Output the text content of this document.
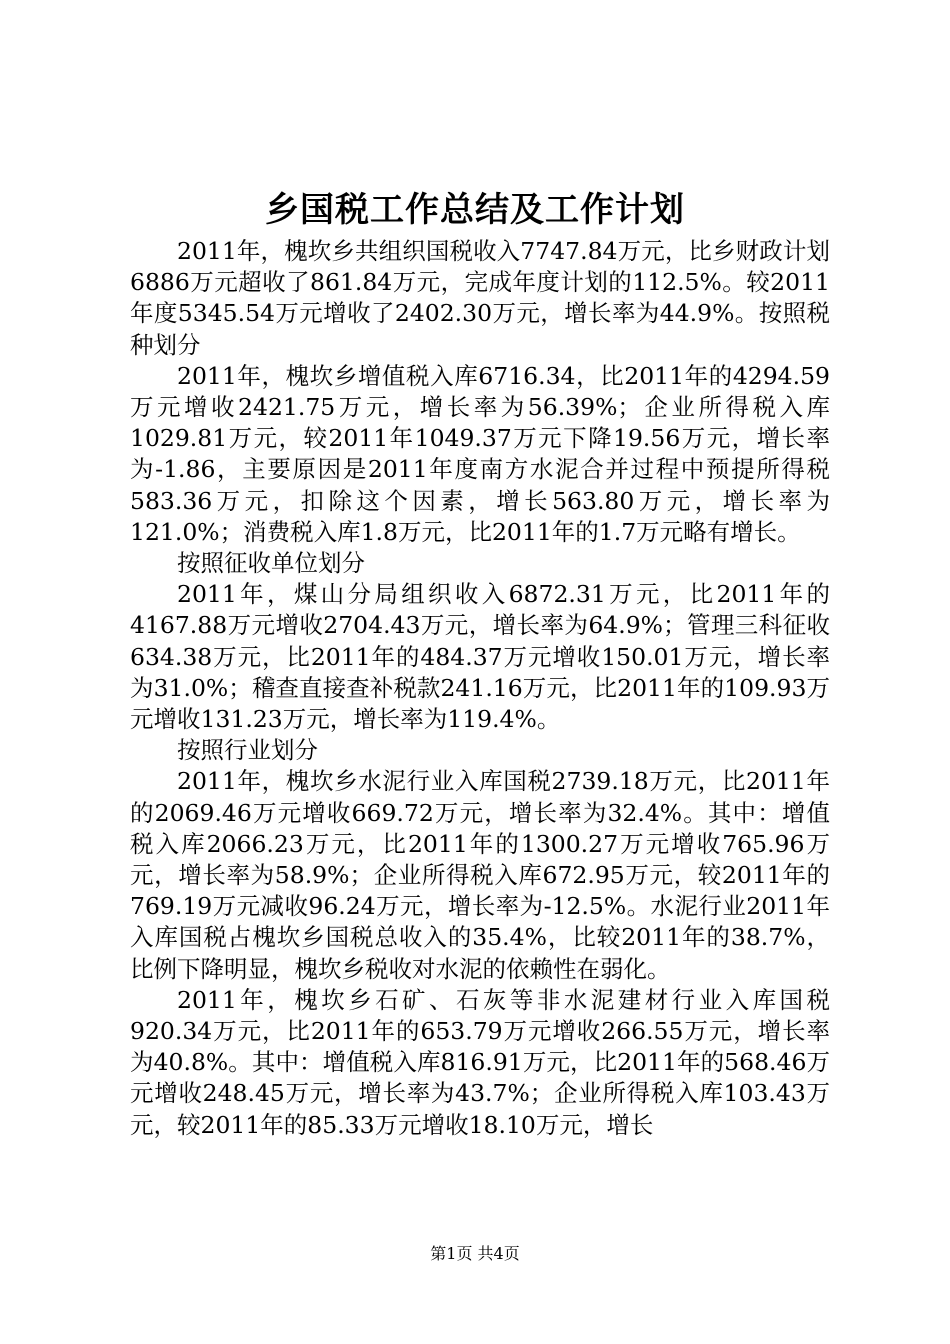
乡国税工作总结及工作计划

2011年，槐坎乡共组织国税收入7747.84万元，比乡财政计划6886万元超收了861.84万元，完成年度计划的112.5%。较2011年度5345.54万元增收了2402.30万元，增长率为44.9%。按照税种划分

2011年，槐坎乡增值税入库6716.34，比2011年的4294.59万元增收2421.75万元，增长率为56.39%；企业所得税入库1029.81万元，较2011年1049.37万元下降19.56万元，增长率为-1.86，主要原因是2011年度南方水泥合并过程中预提所得税583.36万元，扣除这个因素，增长563.80万元，增长率为121.0%；消费税入库1.8万元，比2011年的1.7万元略有增长。

按照征收单位划分

2011年，煤山分局组织收入6872.31万元，比2011年的4167.88万元增收2704.43万元，增长率为64.9%；管理三科征收634.38万元，比2011年的484.37万元增收150.01万元，增长率为31.0%；稽查直接查补税款241.16万元，比2011年的109.93万元增收131.23万元，增长率为119.4%。

按照行业划分

2011年，槐坎乡水泥行业入库国税2739.18万元，比2011年的2069.46万元增收669.72万元，增长率为32.4%。其中：增值税入库2066.23万元，比2011年的1300.27万元增收765.96万元，增长率为58.9%；企业所得税入库672.95万元，较2011年的769.19万元减收96.24万元，增长率为-12.5%。水泥行业2011年入库国税占槐坎乡国税总收入的35.4%，比较2011年的38.7%，比例下降明显，槐坎乡税收对水泥的依赖性在弱化。

2011年，槐坎乡石矿、石灰等非水泥建材行业入库国税920.34万元，比2011年的653.79万元增收266.55万元，增长率为40.8%。其中：增值税入库816.91万元，比2011年的568.46万元增收248.45万元，增长率为43.7%；企业所得税入库103.43万元，较2011年的85.33万元增收18.10万元，增长

第1页 共4页
